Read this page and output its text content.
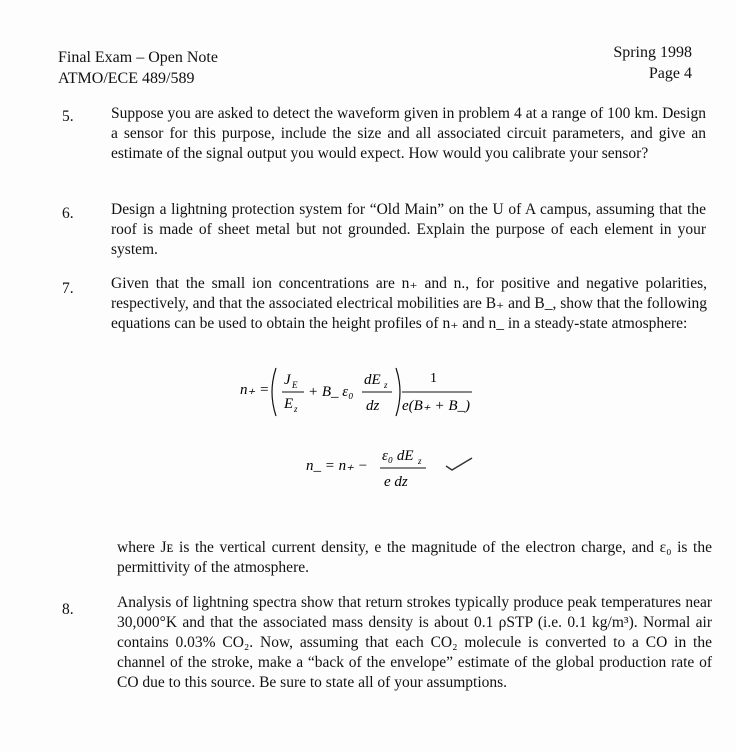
Final Exam – Open Note
ATMO/ECE 489/589
Spring 1998
Page 4
5. Suppose you are asked to detect the waveform given in problem 4 at a range of 100 km. Design a sensor for this purpose, include the size and all associated circuit parameters, and give an estimate of the signal output you would expect. How would you calibrate your sensor?
6. Design a lightning protection system for “Old Main” on the U of A campus, assuming that the roof is made of sheet metal but not grounded. Explain the purpose of each element in your system.
7. Given that the small ion concentrations are n₊ and n., for positive and negative polarities, respectively, and that the associated electrical mobilities are B₊ and B_, show that the following equations can be used to obtain the height profiles of n₊ and n_ in a steady-state atmosphere:
n₊ =
J E
E z
+ B_ ε₀
dE z
dz
1
e(B₊ + B_)
n_ = n₊ −
ε₀ dE z
e dz
where Jᴇ is the vertical current density, e the magnitude of the electron charge, and ε₀ is the permittivity of the atmosphere.
8.	Analysis of lightning spectra show that return strokes typically produce peak temperatures near 30,000°K and that the associated mass density is about 0.1 ρSTP (i.e. 0.1 kg/m³). Normal air contains 0.03% CO₂. Now, assuming that each CO₂ molecule is converted to a CO in the channel of the stroke, make a “back of the envelope” estimate of the global production rate of CO due to this source. Be sure to state all of your assumptions.
